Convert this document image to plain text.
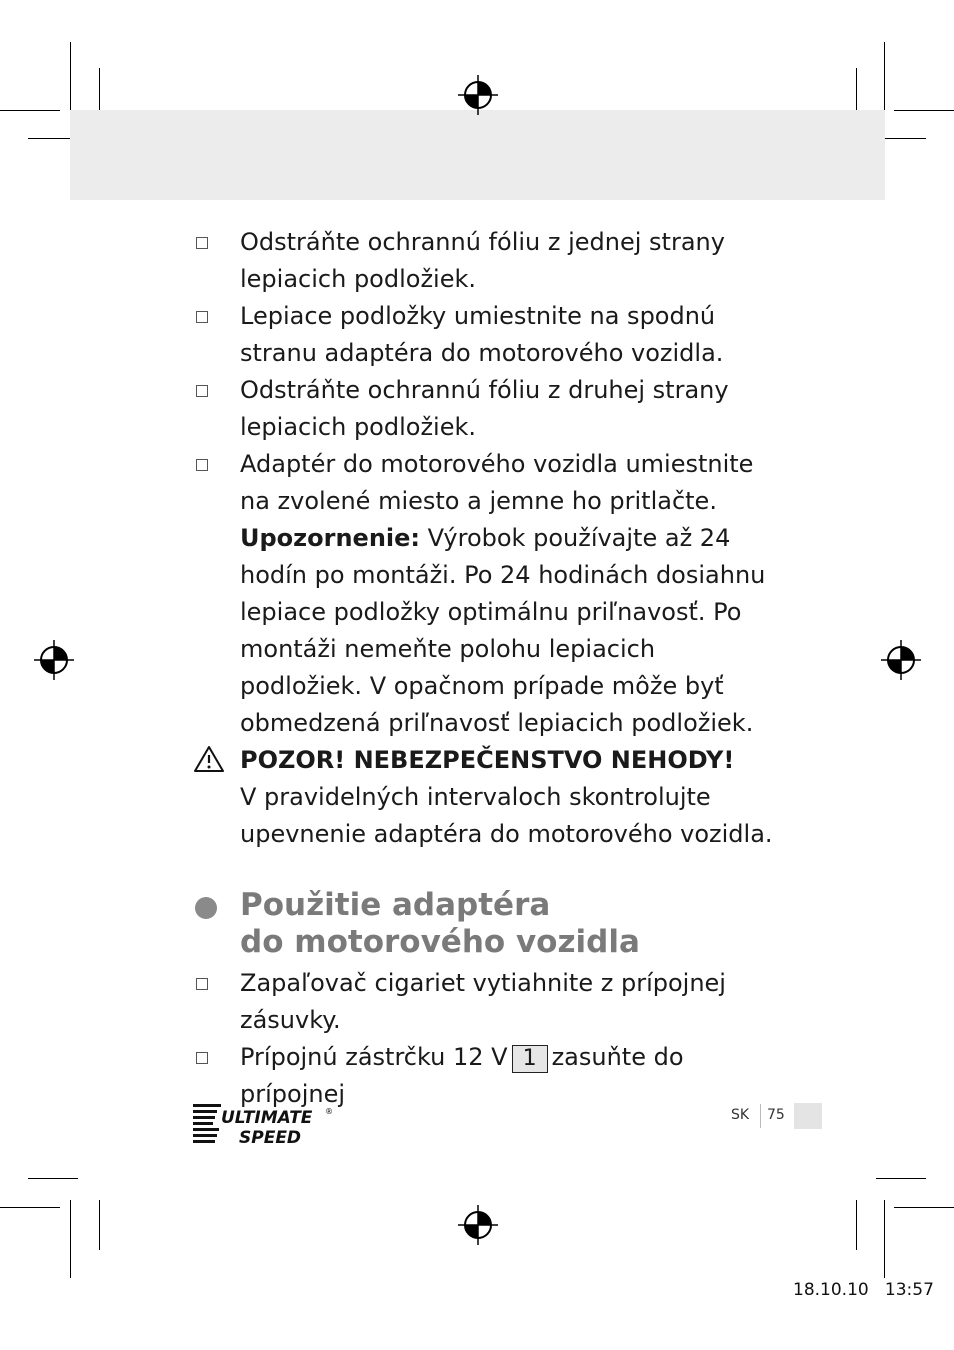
Odstráňte ochrannú fóliu z jednej strany lepiacich podložiek.
Lepiace podložky umiestnite na spodnú stranu adaptéra do motorového vozidla.
Odstráňte ochrannú fóliu z druhej strany lepiacich podložiek.
Adaptér do motorového vozidla umiestnite na zvolené miesto a jemne ho pritlačte.
Upozornenie: Výrobok používajte až 24 hodín po montáži. Po 24 hodinách dosiahnu lepiace podložky optimálnu priľnavosť. Po montáži nemeňte polohu lepiacich podložiek. V opačnom prípade môže byť obmedzená priľnavosť lepiacich podložiek.
POZOR! NEBEZPEČENSTVO NEHODY!
V pravidelných intervaloch skontrolujte upevnenie adaptéra do motorového vozidla.
Použitie adaptéra
do motorového vozidla
Zapaľovač cigariet vytiahnite z prípojnej zásuvky.
Prípojnú zástrčku 12 V 1 zasuňte do prípojnej
ULTIMATE
SPEED
®	SK 75
18.10.10   13:57
